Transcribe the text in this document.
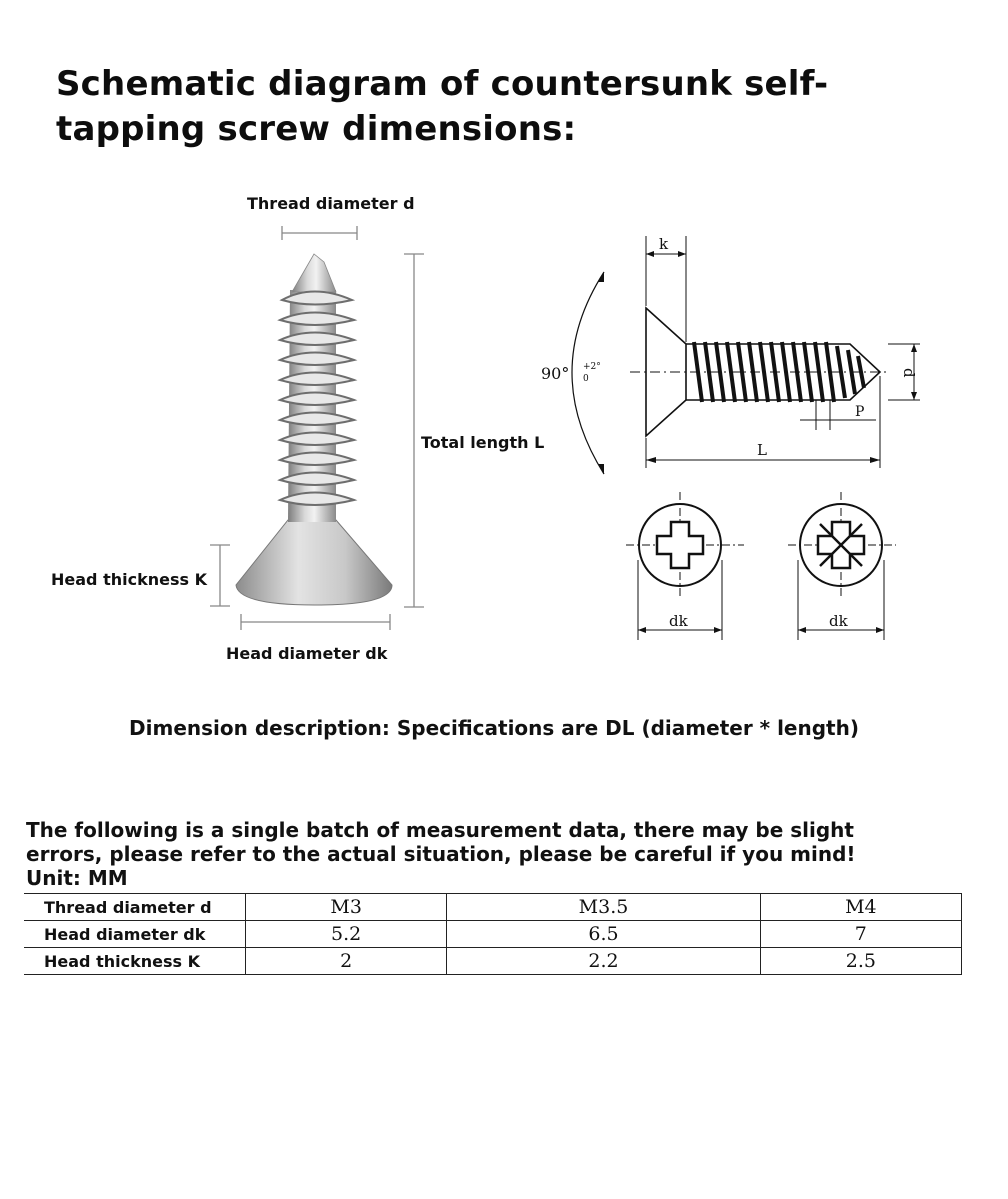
Schematic diagram of countersunk self-tapping screw dimensions:
k
90° +2°
0
d
P
L
dk	dk
Thread diameter d
Total length L
Head thickness K
Head diameter dk
Dimension description: Specifications are DL (diameter * length)
The following is a single batch of measurement data, there may be slight
errors, please refer to the actual situation, please be careful if you mind!
Unit: MM
Thread diameter d	M3	M3.5	M4
Head diameter dk	5.2	6.5	7
Head thickness K	2	2.2	2.5
